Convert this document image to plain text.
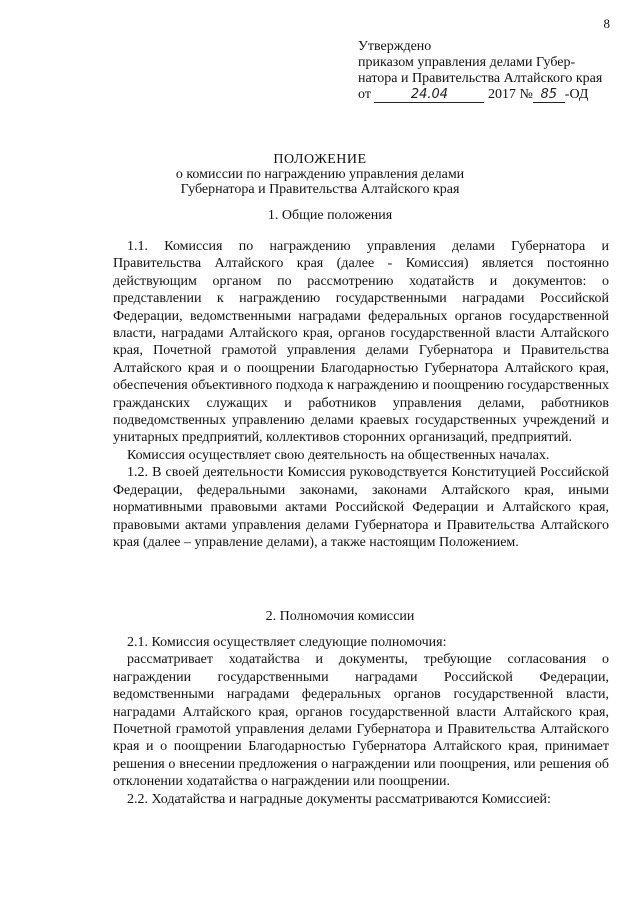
8
Утверждено
приказом управления делами Губер-натора и Правительства Алтайского края
от	24.04	2017 № 85 -ОД
ПОЛОЖЕНИЕ
о комиссии по награждению управления делами
Губернатора и Правительства Алтайского края
1. Общие положения

1.1. Комиссия по награждению управления делами Губернатора и Правительства Алтайского края (далее - Комиссия) является постоянно действующим органом по рассмотрению ходатайств и документов: о представлении к награждению государственными наградами Российской Федерации, ведомственными наградами федеральных органов государственной власти, наградами Алтайского края, органов государственной власти Алтайского края, Почетной грамотой управления делами Губернатора и Правительства Алтайского края и о поощрении Благодарностью Губернатора Алтайского края, обеспечения объективного подхода к награждению и поощрению государственных гражданских служащих и работников управления делами, работников подведомственных управлению делами краевых государственных учреждений и унитарных предприятий, коллективов сторонних организаций, предприятий.

Комиссия осуществляет свою деятельность на общественных началах.

1.2. В своей деятельности Комиссия руководствуется Конституцией Российской Федерации, федеральными законами, законами Алтайского края, иными нормативными правовыми актами Российской Федерации и Алтайского края, правовыми актами управления делами Губернатора и Правительства Алтайского края (далее – управление делами), а также настоящим Положением.

2. Полномочия комиссии

2.1. Комиссия осуществляет следующие полномочия:

рассматривает ходатайства и документы, требующие согласования о награждении государственными наградами Российской Федерации, ведомственными наградами федеральных органов государственной власти, наградами Алтайского края, органов государственной власти Алтайского края, Почетной грамотой управления делами Губернатора и Правительства Алтайского края и о поощрении Благодарностью Губернатора Алтайского края, принимает решения о внесении предложения о награждении или поощрения, или решения об отклонении ходатайства о награждении или поощрении.

2.2. Ходатайства и наградные документы рассматриваются Комиссией:
